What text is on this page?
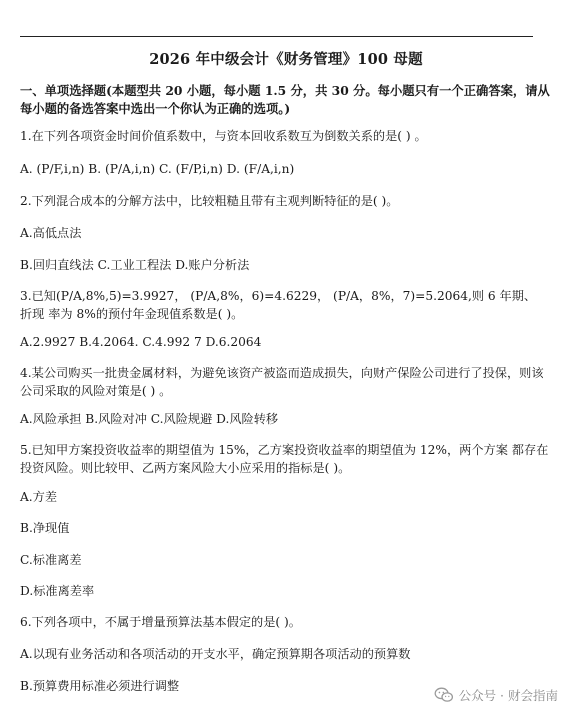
2026 年中级会计《财务管理》100 母题
一、单项选择题(本题型共 20 小题，每小题 1.5 分，共 30 分。每小题只有一个正确答案，请从每小题的备选答案中选出一个你认为正确的选项。)
1.在下列各项资金时间价值系数中，与资本回收系数互为倒数关系的是( ) 。
A. (P/F,i,n) B. (P/A,i,n) C. (F/P,i,n) D. (F/A,i,n)
2.下列混合成本的分解方法中，比较粗糙且带有主观判断特征的是( )。
A.高低点法
B.回归直线法 C.工业工程法 D.账户分析法
3.已知(P/A,8%,5)=3.9927， (P/A,8%，6)=4.6229， (P/A，8%，7)=5.2064,则 6 年期、折现 率为 8%的预付年金现值系数是( )。
A.2.9927 B.4.2064. C.4.992 7 D.6.2064
4.某公司购买一批贵金属材料，为避免该资产被盗而造成损失，向财产保险公司进行了投保，则该公司采取的风险对策是( ) 。
A.风险承担 B.风险对冲 C.风险规避 D.风险转移
5.已知甲方案投资收益率的期望值为 15%，乙方案投资收益率的期望值为 12%，两个方案 都存在投资风险。则比较甲、乙两方案风险大小应采用的指标是( )。
A.方差
B.净现值
C.标准离差
D.标准离差率
6.下列各项中，不属于增量预算法基本假定的是( )。
A.以现有业务活动和各项活动的开支水平，确定预算期各项活动的预算数
B.预算费用标准必须进行调整
公众号 · 财会指南
